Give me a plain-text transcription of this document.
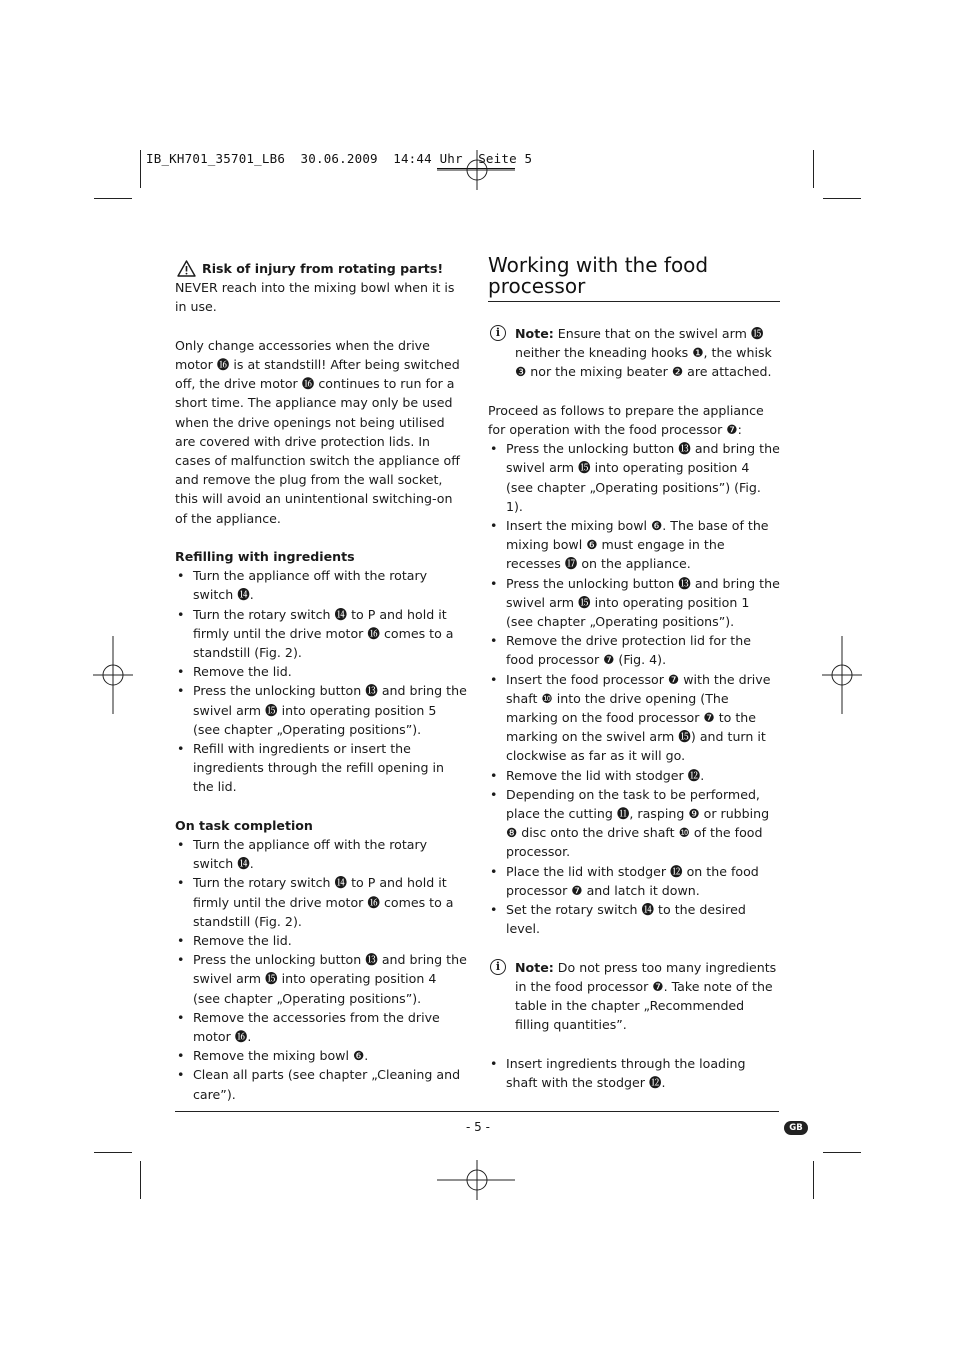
IB_KH701_35701_LB6  30.06.2009  14:44 Uhr  Seite 5

Risk of injury from rotating parts!

NEVER reach into the mixing bowl when it is in use.

Only change accessories when the drive motor ⓰ is at standstill! After being switched off, the drive motor ⓰ continues to run for a short time. The appliance may only be used when the drive openings not being utilised are covered with drive protection lids. In cases of malfunction switch the appliance off and remove the plug from the wall socket, this will avoid an unintentional switching-on of the appliance.

Refilling with ingredients

• Turn the appliance off with the rotary switch ⓮.
• Turn the rotary switch ⓮ to P and hold it firmly until the drive motor ⓰ comes to a standstill (Fig. 2).
• Remove the lid.
• Press the unlocking button ⓭ and bring the swivel arm ⓯ into operating position 5 (see chapter „Operating positions”).
• Refill with ingredients or insert the ingredients through the refill opening in the lid.

On task completion

• Turn the appliance off with the rotary switch ⓮.
• Turn the rotary switch ⓮ to P and hold it firmly until the drive motor ⓰ comes to a standstill (Fig. 2).
• Remove the lid.
• Press the unlocking button ⓭ and bring the swivel arm ⓯ into operating position 4 (see chapter „Operating positions”).
• Remove the accessories from the drive motor ⓰.
• Remove the mixing bowl ❻.
• Clean all parts (see chapter „Cleaning and care”).
Working with the food processor

i	Note: Ensure that on the swivel arm ⓯ neither the kneading hooks ❶, the whisk ❸ nor the mixing beater ❷ are attached.

Proceed as follows to prepare the appliance for operation with the food processor ❼:

• Press the unlocking button ⓭ and bring the swivel arm ⓯ into operating position 4 (see chapter „Operating positions”) (Fig. 1).
• Insert the mixing bowl ❻. The base of the mixing bowl ❻ must engage in the recesses ⓱ on the appliance.
• Press the unlocking button ⓭ and bring the swivel arm ⓯ into operating position 1 (see chapter „Operating positions”).
• Remove the drive protection lid for the food processor ❼ (Fig. 4).
• Insert the food processor ❼ with the drive shaft ❿ into the drive opening (The marking on the food processor ❼ to the marking on the swivel arm ⓯) and turn it clockwise as far as it will go.
• Remove the lid with stodger ⓬.
• Depending on the task to be performed, place the cutting ⓫, rasping ❾ or rubbing ❽ disc onto the drive shaft ❿ of the food processor.
• Place the lid with stodger ⓬ on the food processor ❼ and latch it down.
• Set the rotary switch ⓮ to the desired level.

i	Note: Do not press too many ingredients in the food processor ❼. Take note of the table in the chapter „Recommended filling quantities”.

• Insert ingredients through the loading shaft with the stodger ⓬.
- 5 -	GB
